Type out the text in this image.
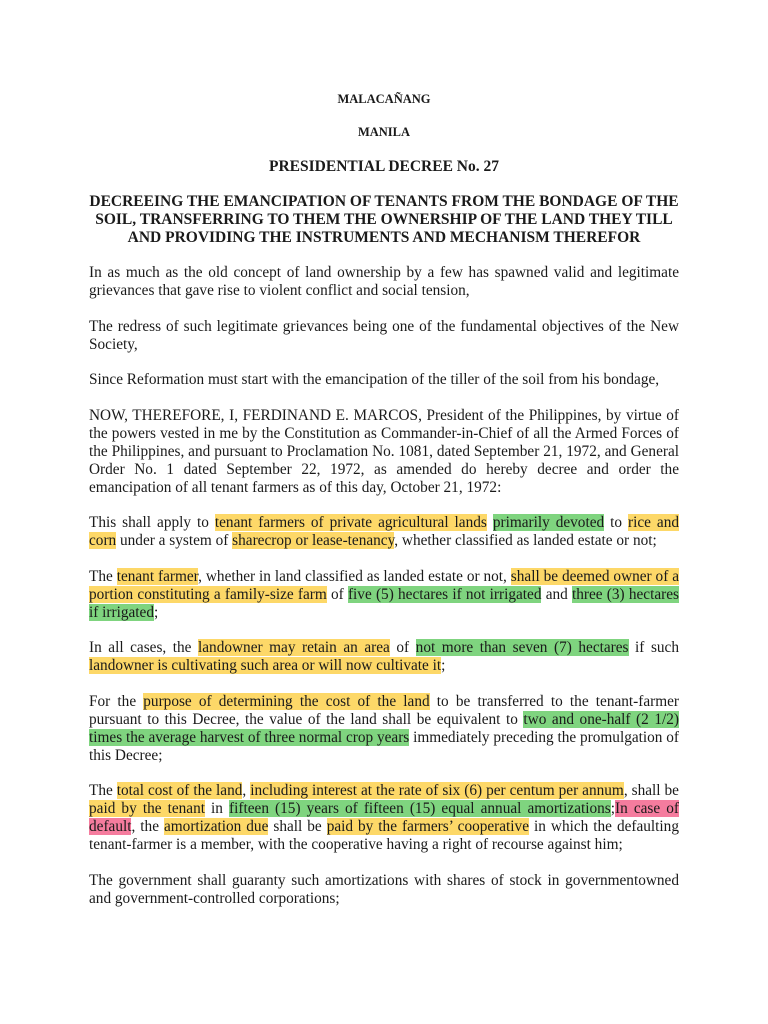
MALACAÑANG
MANILA
PRESIDENTIAL DECREE No. 27
DECREEING THE EMANCIPATION OF TENANTS FROM THE BONDAGE OF THE SOIL, TRANSFERRING TO THEM THE OWNERSHIP OF THE LAND THEY TILL AND PROVIDING THE INSTRUMENTS AND MECHANISM THEREFOR

In as much as the old concept of land ownership by a few has spawned valid and legitimate grievances that gave rise to violent conflict and social tension,

The redress of such legitimate grievances being one of the fundamental objectives of the New Society,

Since Reformation must start with the emancipation of the tiller of the soil from his bondage,

NOW, THEREFORE, I, FERDINAND E. MARCOS, President of the Philippines, by virtue of the powers vested in me by the Constitution as Commander-in-Chief of all the Armed Forces of the Philippines, and pursuant to Proclamation No. 1081, dated September 21, 1972, and General Order No. 1 dated September 22, 1972, as amended do hereby decree and order the emancipation of all tenant farmers as of this day, October 21, 1972:

This shall apply to tenant farmers of private agricultural lands primarily devoted to rice and corn under a system of sharecrop or lease-tenancy, whether classified as landed estate or not;

The tenant farmer, whether in land classified as landed estate or not, shall be deemed owner of a portion constituting a family-size farm of five (5) hectares if not irrigated and three (3) hectares if irrigated;

In all cases, the landowner may retain an area of not more than seven (7) hectares if such landowner is cultivating such area or will now cultivate it;

For the purpose of determining the cost of the land to be transferred to the tenant-farmer pursuant to this Decree, the value of the land shall be equivalent to two and one-half (2 1/2) times the average harvest of three normal crop years immediately preceding the promulgation of this Decree;

The total cost of the land, including interest at the rate of six (6) per centum per annum, shall be paid by the tenant in fifteen (15) years of fifteen (15) equal annual amortizations;In case of default, the amortization due shall be paid by the farmers’ cooperative in which the defaulting tenant-farmer is a member, with the cooperative having a right of recourse against him;

The government shall guaranty such amortizations with shares of stock in governmentowned and government-controlled corporations;
